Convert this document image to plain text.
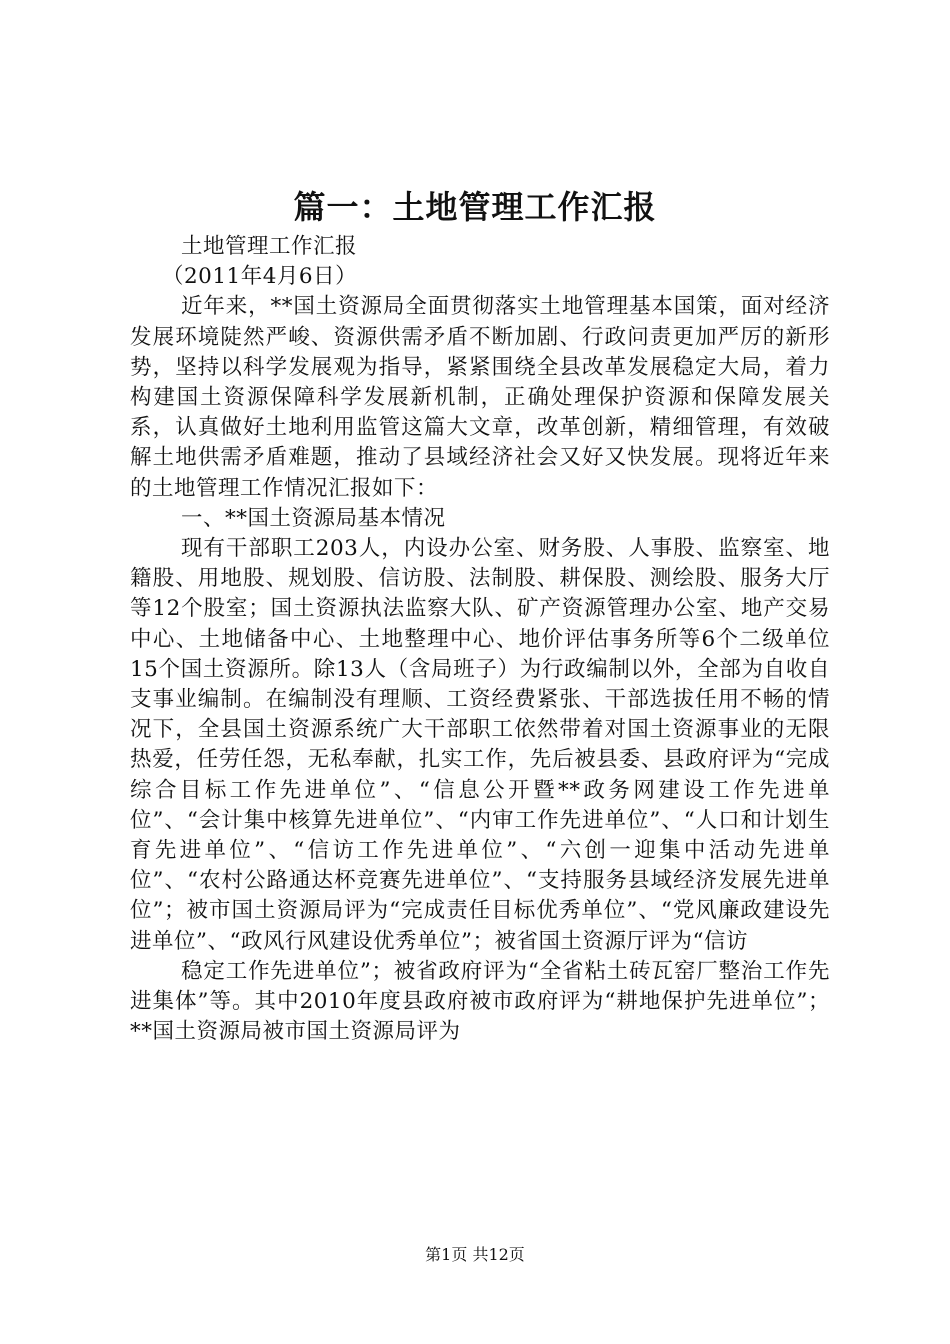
篇一：土地管理工作汇报

土地管理工作汇报

（2011年4月6日）

近年来，**国土资源局全面贯彻落实土地管理基本国策，面对经济发展环境陡然严峻、资源供需矛盾不断加剧、行政问责更加严厉的新形势，坚持以科学发展观为指导，紧紧围绕全县改革发展稳定大局，着力构建国土资源保障科学发展新机制，正确处理保护资源和保障发展关系，认真做好土地利用监管这篇大文章，改革创新，精细管理，有效破解土地供需矛盾难题，推动了县域经济社会又好又快发展。现将近年来的土地管理工作情况汇报如下：

一、**国土资源局基本情况

现有干部职工203人，内设办公室、财务股、人事股、监察室、地籍股、用地股、规划股、信访股、法制股、耕保股、测绘股、服务大厅等12个股室；国土资源执法监察大队、矿产资源管理办公室、地产交易中心、土地储备中心、土地整理中心、地价评估事务所等6个二级单位15个国土资源所。除13人（含局班子）为行政编制以外，全部为自收自支事业编制。在编制没有理顺、工资经费紧张、干部选拔任用不畅的情况下，全县国土资源系统广大干部职工依然带着对国土资源事业的无限热爱，任劳任怨，无私奉献，扎实工作，先后被县委、县政府评为“完成综合目标工作先进单位”、“信息公开暨**政务网建设工作先进单位”、“会计集中核算先进单位”、“内审工作先进单位”、“人口和计划生育先进单位”、“信访工作先进单位”、“六创一迎集中活动先进单位”、“农村公路通达杯竞赛先进单位”、“支持服务县域经济发展先进单位”；被市国土资源局评为“完成责任目标优秀单位”、“党风廉政建设先进单位”、“政风行风建设优秀单位”；被省国土资源厅评为“信访

稳定工作先进单位”；被省政府评为“全省粘土砖瓦窑厂整治工作先进集体”等。其中2010年度县政府被市政府评为“耕地保护先进单位”；**国土资源局被市国土资源局评为

第1页 共12页
